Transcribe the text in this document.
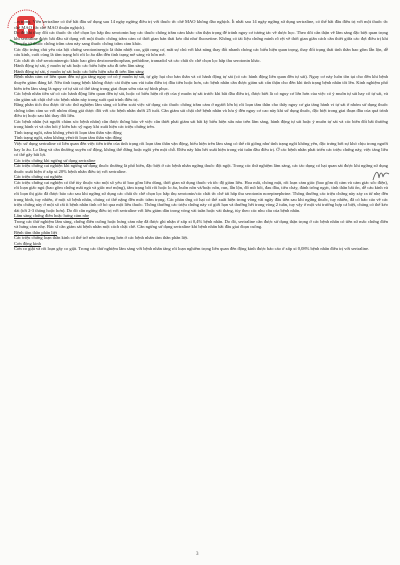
...n trọng. Viên sertraline có thể bắt đầu sử dụng sau 14 ngày ngừng điều trị với thuốc ức chế MAO không đảo nghịch. Ít nhất sau 14 ngày ngừng sử dụng sertraline, có thể bắt đầu điều trị với một thuốc ức chế MAO (ức chế MAO thuận nghịch).

Do đó khi thay đổi các thuốc ức chế chọn lọc hấp thu serotonin hay các thuốc chống trầm cảm khác cần thận trọng để tránh nguy cơ tương tác về dược học. Theo dõi cẩn thận về lâm sàng đặc biệt quan trọng khi sertraline được bắt đầu sử dụng với một thuốc chống trầm cảm có thời gian bán thải kéo dài như fluoxetine. Không có tài liệu chứng minh rõ rệt về thời gian giãn cách cần thiết giữa các đợt điều trị khi chuyển từ thuốc chống trầm cảm này sang thuốc chống trầm cảm khác.

Các đặc trưng chủ yếu của hội chứng serotoninergic là thân nhiệt cao, giật rung cơ, mất sự chú với khả năng thay đổi nhanh chóng các biểu hiện quan trọng, thay đổi trạng thái tinh thần bao gồm lẫn lộn, dễ cáu kỉnh, cuối cùng là tâm trạng bối rối lo âu dẫn đến tình trạng mê sảng và hôn mê.

Các chất ức chế serotoninergic khác bao gồm dextromethorphan, pethidine, tramadol và các chất ức chế chọn lọc hấp thu serotonin khác.

Hành động tự sát, ý muốn tự sát hoặc các biểu hiện xấu đi trên lâm sàng

Hành động tự sát, ý muốn tự sát hoặc các biểu hiện xấu đi trên lâm sàng

Bệnh nhân cảm cơ liên quan đến sự gia tăng nguy cơ có ý muốn tự sát, tự gây hại cho bản thân và có hành động tự sát (có các hành động liên quan đến tự sát). Nguy cơ này luôn tồn tại cho đến khi bệnh thuyên giảm đáng kể. Nếu tình trạng bệnh không được cải thiện sau vài tuần điều trị đầu tiên hoặc hơn, các bệnh nhân cần được giám sát cẩn thận cho đến khi tình trạng bệnh nhân tốt lên. Kinh nghiệm phổ biến trên lâm sàng là nguy cơ tự sát có thể tăng trong giai đoạn sớm của sự bình phục.

Các bệnh nhân tiền sử có các hành động liên quan đến tự sát, hoặc có biểu hiện rõ rệt của ý muốn tự sát trước khi bắt đầu điều trị, được biết là có nguy cơ lớn hơn của việc có ý muốn tự sát hay cố tự sát, và cần giám sát chặt chẽ các bệnh nhân này trong suốt quá trình điều trị.

Bằng phân tích thu được từ các thử nghiệm lâm sàng có kiểm soát việc sử dụng các thuốc chống trầm cảm ở người lớn bị rối loạn tâm thần cho thấy nguy cơ gia tăng hành vi tự sát ở nhóm sử dụng thuốc chống trầm cảm so với nhóm dùng giả dược đối với các bệnh nhân dưới 25 tuổi. Cần giám sát chặt chẽ bệnh nhân và lưu ý đến nguy cơ cao này khi sử dụng thuốc, đặc biệt trong giai đoạn đầu của quá trình điều trị hoặc sau khi thay đổi liều.

Các bệnh nhân (và người chăm sóc bệnh nhân) cần được thông báo về việc cần thiết phải giám sát bất kỳ biểu hiện xấu nào trên lâm sàng, hành động tự sát hoặc ý muốn tự sát và các biến đổi bất thường trong hành vi và cần hỏi ý kiến bác sỹ ngay khi xuất hiện các triệu chứng trên.

Tình trạng ngồi, nằm không yên/rối loạn tâm thần vận động

Tình trạng ngồi, nằm không yên/rối loạn tâm thần vận động

Việc sử dụng sertraline có liên quan đến việc tiến triển của tình trạng rối loạn tâm thần vận động, biểu hiện trên lâm sàng có thể rất giống như tình trạng ngồi không yên, đặc trưng bởi sự khó chịu trong người hay lo âu. Lo lắng và cần thường xuyên cử động, không thể đứng hoặc ngồi yên một chỗ. Điều này hầu hết xuất hiện trong vài tuần đầu điều trị. Ở các bệnh nhân phát triển các triệu chứng này, việc tăng liều có thể gây bất lợi.

Các triệu chứng khi ngừng sử dụng sertraline

Các triệu chứng cai nghiện khi ngừng sử dụng thuốc thường là phổ biến, đặc biệt ở các bệnh nhân ngừng thuốc đột ngột. Trong các thử nghiệm lâm sàng, các tác dụng có hại quan sát được khi ngừng sử dụng thuốc xuất hiện ở xấp xỉ 20% bệnh nhân điều trị với sertraline.

Các triệu chứng cai nghiện

Các triệu chứng cai nghiện có thể tùy thuộc vào một số yếu tố bao gồm liều dùng, thời gian sử dụng thuốc và tốc độ giảm liều. Hoa mắt, chóng mặt, rối loạn cảm giác (bao gồm dị cảm và cảm giác sốc điện), rối loạn giấc ngủ (bao gồm chứng mất ngủ và giấc mơ mộng), tâm trạng bối rối hoặc lo âu, buồn nôn và/hoặc nôn, run, lẫn lộn, đổ mồ hôi, đau đầu, tiêu chảy, đánh trống ngực, tính thần bất ổn, dễ cáu kính và rối loạn thị giác đã được báo cáo sau khi ngừng sử dụng các chất ức chế chọn lọc hấp thụ serotonin/các chất ức chế tái hấp thu serotonin norepinephrine. Thông thường các triệu chứng này xảy ra từ nhẹ đến trung bình, tuy nhiên, ở một số bệnh nhân, chúng có thể nặng đến mức trầm trọng. Các phản ứng có hại có thể xuất hiện trong vòng vài ngày đầu tiên sau khi ngừng thuốc, tuy nhiên, đã có báo cáo về các triệu chứng này ở một số rất ít bệnh nhân tình cờ bỏ qua một liều thuốc. Thông thường các triệu chứng này có giới hạn và thường hết trong vòng 2 tuần, tuy vậy ở một vài trường hợp cá biệt, chúng có thể kéo dài (tới 2-3 tháng hoặc hơn). Do đó cần ngừng điều trị với sertraline với liều giảm dần trong vòng vài tuần hoặc vài tháng, tùy theo các nhu cầu của bệnh nhân.

Lâm sàng chứng điên hoặc hưng cảm nhẹ

Trong các thử nghiệm lâm sàng, chứng điên cuồng hoặc hưng cảm nhẹ đã được ghi nhận ở xấp xỉ 0,4% bệnh nhân. Do đó, sertraline cần được sử dụng thận trọng ở các bệnh nhân có tiền sử mắc chứng điên và hưng cảm nhẹ. Bác sĩ cần giám sát bệnh nhân một cách chặt chẽ. Cần ngừng sử dụng sertraline khi bệnh nhân bắt đầu giai đoạn cuồng.

Bệnh tâm thần phân liệt

Các triệu chứng loạn thần kinh có thể trở nên trầm trọng hơn ở các bệnh nhân tâm thần phân liệt.

Cơn động kinh

Cơn co giật và rối loạn gây co giật. Trong các thử nghiệm lâm sàng với bệnh nhân tăng rối loạn nghiêm trọng liên quan đến động kinh được báo cáo ở xấp xỉ 0,08% bệnh nhân điều trị với sertraline.

3
